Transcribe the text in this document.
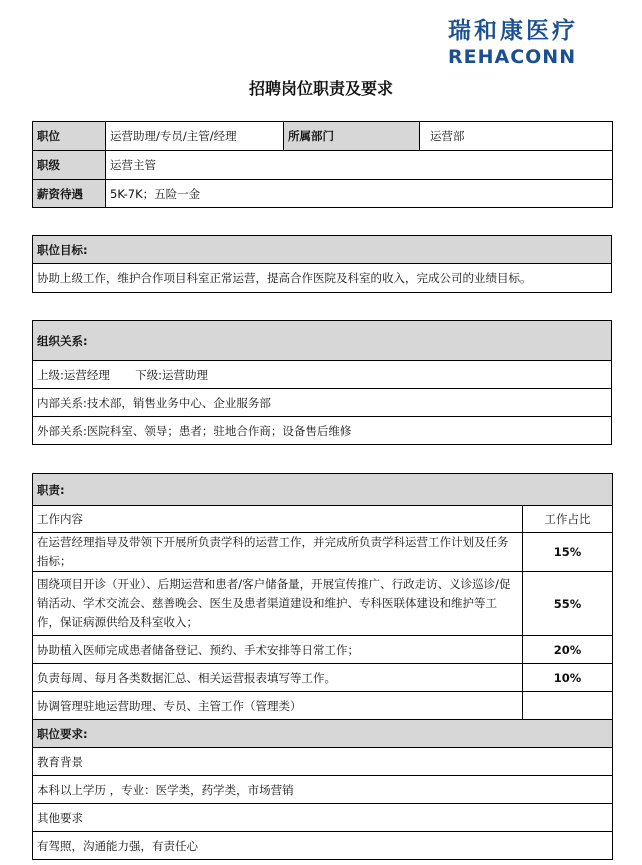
瑞和康医疗
REHACONN
招聘岗位职责及要求
职位	运营助理/专员/主管/经理	所属部门	运营部
职级	运营主管		
薪资待遇	5K-7K；五险一金		
职位目标:
协助上级工作，维护合作项目科室正常运营，提高合作医院及科室的收入，完成公司的业绩目标。
组织关系:
上级:运营经理 下级:运营助理
内部关系:技术部，销售业务中心、企业服务部
外部关系:医院科室、领导；患者；驻地合作商；设备售后维修
职责:	
工作内容	工作占比
在运营经理指导及带领下开展所负责学科的运营工作，并完成所负责学科运营工作计划及任务指标；	15%
围绕项目开诊（开业）、后期运营和患者/客户储备量，开展宣传推广、行政走访、义诊巡诊/促销活动、学术交流会、慈善晚会、医生及患者渠道建设和维护、专科医联体建设和维护等工作，保证病源供给及科室收入；	55%
协助植入医师完成患者储备登记、预约、手术安排等日常工作；	20%
负责每周、每月各类数据汇总、相关运营报表填写等工作。	10%
协调管理驻地运营助理、专员、主管工作（管理类）	
职位要求:	
教育背景	
本科以上学历 ，专业：医学类，药学类，市场营销	
其他要求	
有驾照，沟通能力强，有责任心	
